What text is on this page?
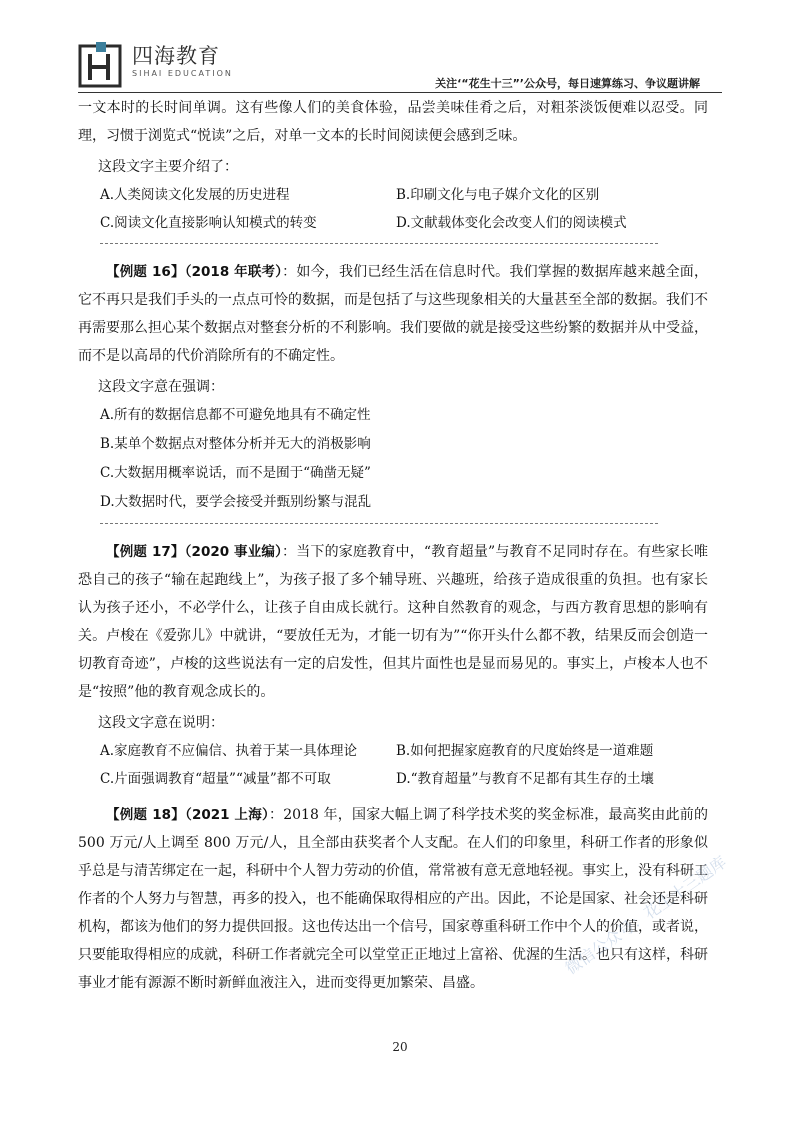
四海教育
SIHAI EDUCATION
关注‘“花生十三”’公众号，每日速算练习、争议题讲解

一文本时的长时间单调。这有些像人们的美食体验，品尝美味佳肴之后，对粗茶淡饭便难以忍受。同理，习惯于浏览式“悦读”之后，对单一文本的长时间阅读便会感到乏味。

这段文字主要介绍了：

A.人类阅读文化发展的历史进程	B.印刷文化与电子媒介文化的区别
C.阅读文化直接影响认知模式的转变	D.文献载体变化会改变人们的阅读模式

【例题 16】（2018 年联考）：如今，我们已经生活在信息时代。我们掌握的数据库越来越全面，它不再只是我们手头的一点点可怜的数据，而是包括了与这些现象相关的大量甚至全部的数据。我们不再需要那么担心某个数据点对整套分析的不利影响。我们要做的就是接受这些纷繁的数据并从中受益，而不是以高昂的代价消除所有的不确定性。

这段文字意在强调：

A.所有的数据信息都不可避免地具有不确定性
B.某单个数据点对整体分析并无大的消极影响
C.大数据用概率说话，而不是囿于“确凿无疑”
D.大数据时代，要学会接受并甄别纷繁与混乱

【例题 17】（2020 事业编）：当下的家庭教育中，“教育超量”与教育不足同时存在。有些家长唯恐自己的孩子“输在起跑线上”，为孩子报了多个辅导班、兴趣班，给孩子造成很重的负担。也有家长认为孩子还小，不必学什么，让孩子自由成长就行。这种自然教育的观念，与西方教育思想的影响有关。卢梭在《爱弥儿》中就讲，“要放任无为，才能一切有为”“你开头什么都不教，结果反而会创造一切教育奇迹”，卢梭的这些说法有一定的启发性，但其片面性也是显而易见的。事实上，卢梭本人也不是“按照”他的教育观念成长的。

这段文字意在说明：

A.家庭教育不应偏信、执着于某一具体理论	B.如何把握家庭教育的尺度始终是一道难题
C.片面强调教育“超量”“减量”都不可取	D.“教育超量”与教育不足都有其生存的土壤

【例题 18】（2021 上海）：2018 年，国家大幅上调了科学技术奖的奖金标准，最高奖由此前的 500 万元/人上调至 800 万元/人，且全部由获奖者个人支配。在人们的印象里，科研工作者的形象似乎总是与清苦绑定在一起，科研中个人智力劳动的价值，常常被有意无意地轻视。事实上，没有科研工作者的个人努力与智慧，再多的投入，也不能确保取得相应的产出。因此，不论是国家、社会还是科研机构，都该为他们的努力提供回报。这也传达出一个信号，国家尊重科研工作中个人的价值，或者说，只要能取得相应的成就，科研工作者就完全可以堂堂正正地过上富裕、优渥的生活。也只有这样，科研事业才能有源源不断时新鲜血液注入，进而变得更加繁荣、昌盛。

20
微信公众号：花生十三题库
